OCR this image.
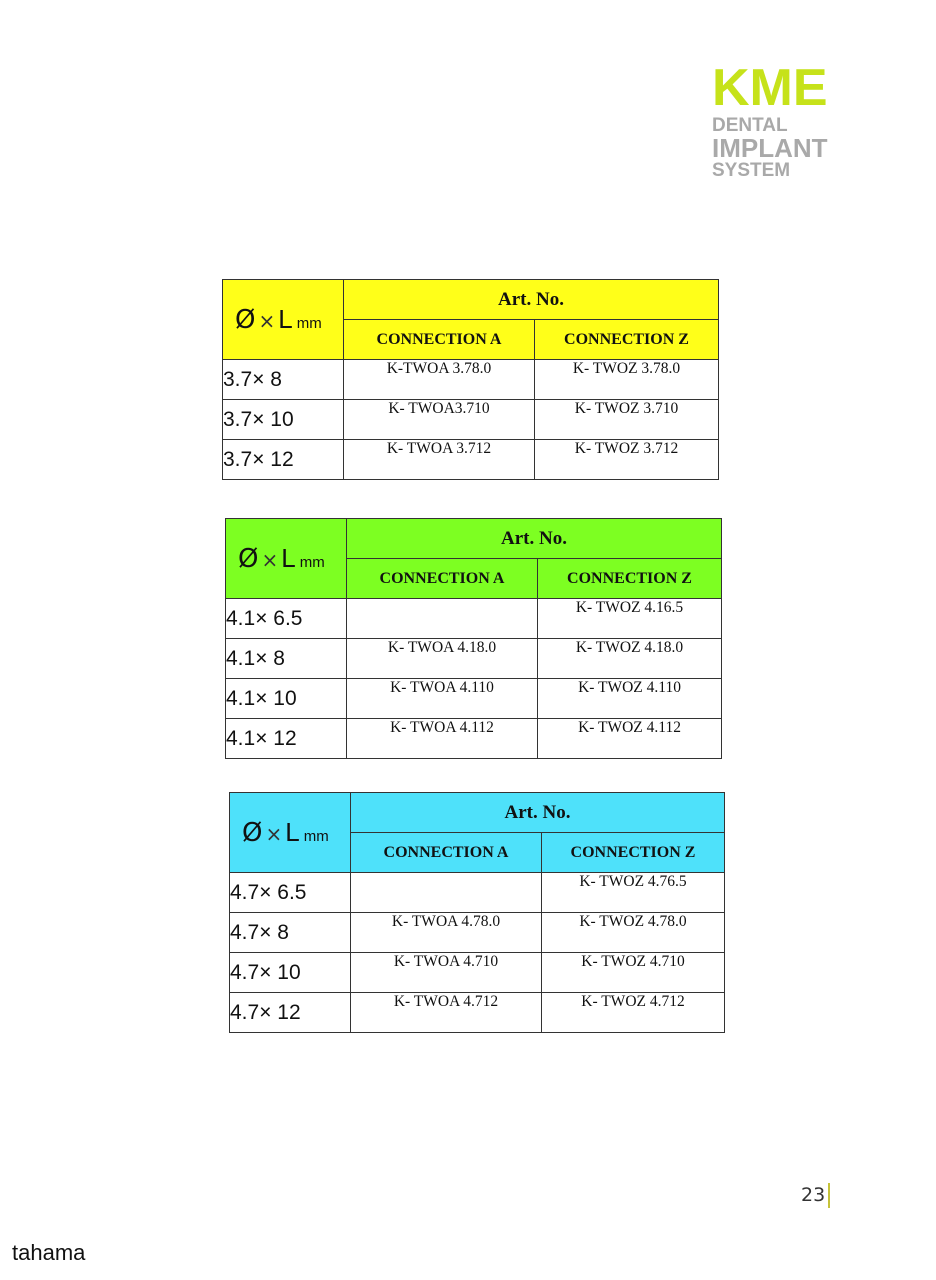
KME
DENTAL
IMPLANT
SYSTEM
Ø × L mm	Art. No.	
	CONNECTION A	CONNECTION Z
3.7× 8	K-TWOA 3.78.0	K- TWOZ 3.78.0
3.7× 10	K- TWOA3.710	K- TWOZ 3.710
3.7× 12	K- TWOA 3.712	K- TWOZ 3.712
Ø × L mm	Art. No.	
	CONNECTION A	CONNECTION Z
4.1× 6.5		K- TWOZ 4.16.5
4.1× 8	K- TWOA 4.18.0	K- TWOZ 4.18.0
4.1× 10	K- TWOA 4.110	K- TWOZ 4.110
4.1× 12	K- TWOA 4.112	K- TWOZ 4.112
Ø × L mm	Art. No.	
	CONNECTION A	CONNECTION Z
4.7× 6.5		K- TWOZ 4.76.5
4.7× 8	K- TWOA 4.78.0	K- TWOZ 4.78.0
4.7× 10	K- TWOA 4.710	K- TWOZ 4.710
4.7× 12	K- TWOA 4.712	K- TWOZ 4.712
23
tahama
